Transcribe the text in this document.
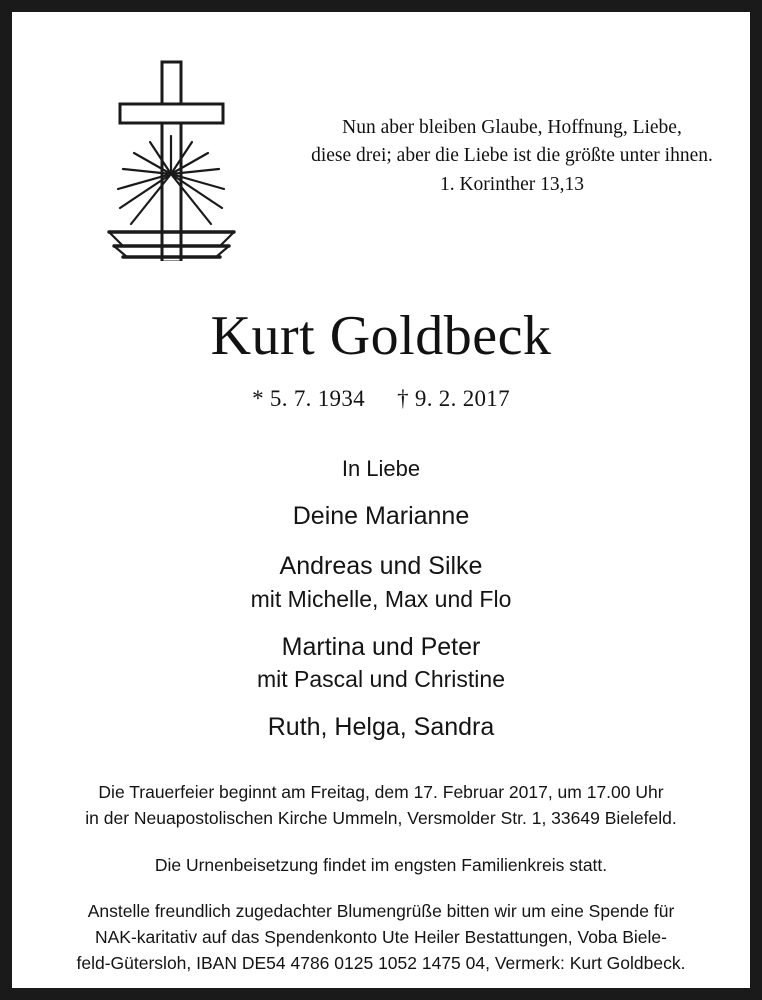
Nun aber bleiben Glaube, Hoffnung, Liebe,
diese drei; aber die Liebe ist die größte unter ihnen.
1. Korinther 13,13
Kurt Goldbeck
* 5. 7. 1934 † 9. 2. 2017
In Liebe
Deine Marianne
Andreas und Silke
mit Michelle, Max und Flo
Martina und Peter
mit Pascal und Christine
Ruth, Helga, Sandra
Die Trauerfeier beginnt am Freitag, dem 17. Februar 2017, um 17.00 Uhr
in der Neuapostolischen Kirche Ummeln, Versmolder Str. 1, 33649 Bielefeld.
Die Urnenbeisetzung findet im engsten Familienkreis statt.
Anstelle freundlich zugedachter Blumengrüße bitten wir um eine Spende für
NAK-karitativ auf das Spendenkonto Ute Heiler Bestattungen, Voba Biele-
feld-Gütersloh, IBAN DE54 4786 0125 1052 1475 04, Vermerk: Kurt Goldbeck.
